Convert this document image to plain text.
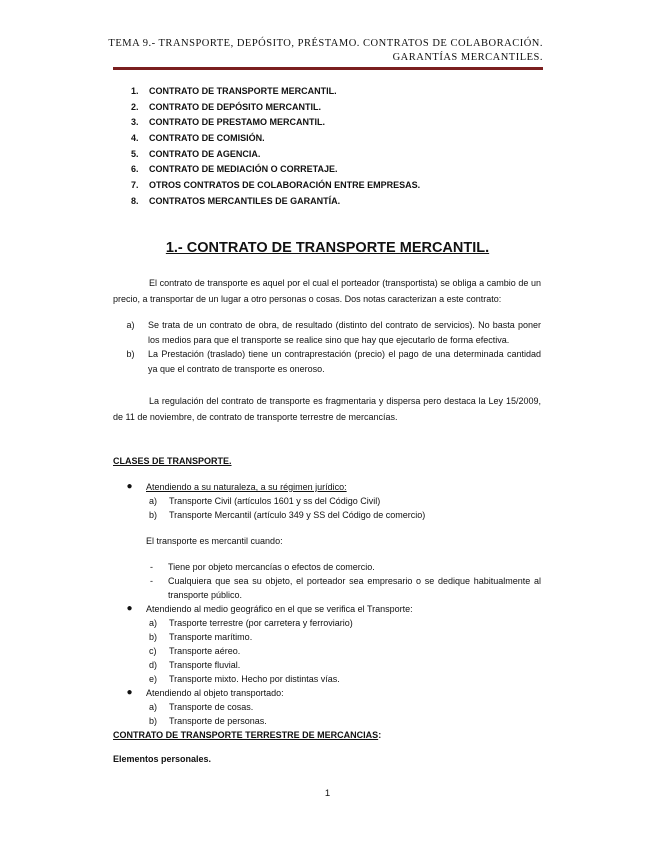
TEMA 9.- TRANSPORTE, DEPÓSITO, PRÉSTAMO. CONTRATOS DE COLABORACIÓN.
GARANTÍAS MERCANTILES.
1.	CONTRATO DE TRANSPORTE MERCANTIL.
2.	CONTRATO DE DEPÓSITO MERCANTIL.
3.	CONTRATO DE PRESTAMO MERCANTIL.
4.	CONTRATO DE COMISIÓN.
5.	CONTRATO DE AGENCIA.
6.	CONTRATO DE MEDIACIÓN O CORRETAJE.
7.	OTROS CONTRATOS DE COLABORACIÓN ENTRE EMPRESAS.
8.	CONTRATOS MERCANTILES DE GARANTÍA.
1.- CONTRATO DE TRANSPORTE MERCANTIL.

El contrato de transporte es aquel por el cual el porteador (transportista) se obliga a cambio de un precio, a transportar de un lugar a otro personas o cosas. Dos notas caracterizan a este contrato:

a)	Se trata de un contrato de obra, de resultado (distinto del contrato de servicios). No basta poner los medios para que el transporte se realice sino que hay que ejecutarlo de forma efectiva.
b)	La Prestación (traslado) tiene un contraprestación (precio) el pago de una determinada cantidad ya que el contrato de transporte es oneroso.

La regulación del contrato de transporte es fragmentaria y dispersa pero destaca la Ley 15/2009, de 11 de noviembre, de contrato de transporte terrestre de mercancías.

CLASES DE TRANSPORTE.
●	Atendiendo a su naturaleza, a su régimen jurídico:
a)	Transporte Civil (artículos 1601 y ss del Código Civil)
b)	Transporte Mercantil (artículo 349 y SS del Código de comercio)
El transporte es mercantil cuando:
-	Tiene por objeto mercancías o efectos de comercio.
-	Cualquiera que sea su objeto, el porteador sea empresario o se dedique habitualmente al transporte público.
●	Atendiendo al medio geográfico en el que se verifica el Transporte:
a)	Trasporte terrestre (por carretera y ferroviario)
b)	Transporte marítimo.
c)	Transporte aéreo.
d)	Transporte fluvial.
e)	Transporte mixto. Hecho por distintas vías.
●	Atendiendo al objeto transportado:
a)	Transporte de cosas.
b)	Transporte de personas.
CONTRATO DE TRANSPORTE TERRESTRE DE MERCANCIAS:
Elementos personales.
1
